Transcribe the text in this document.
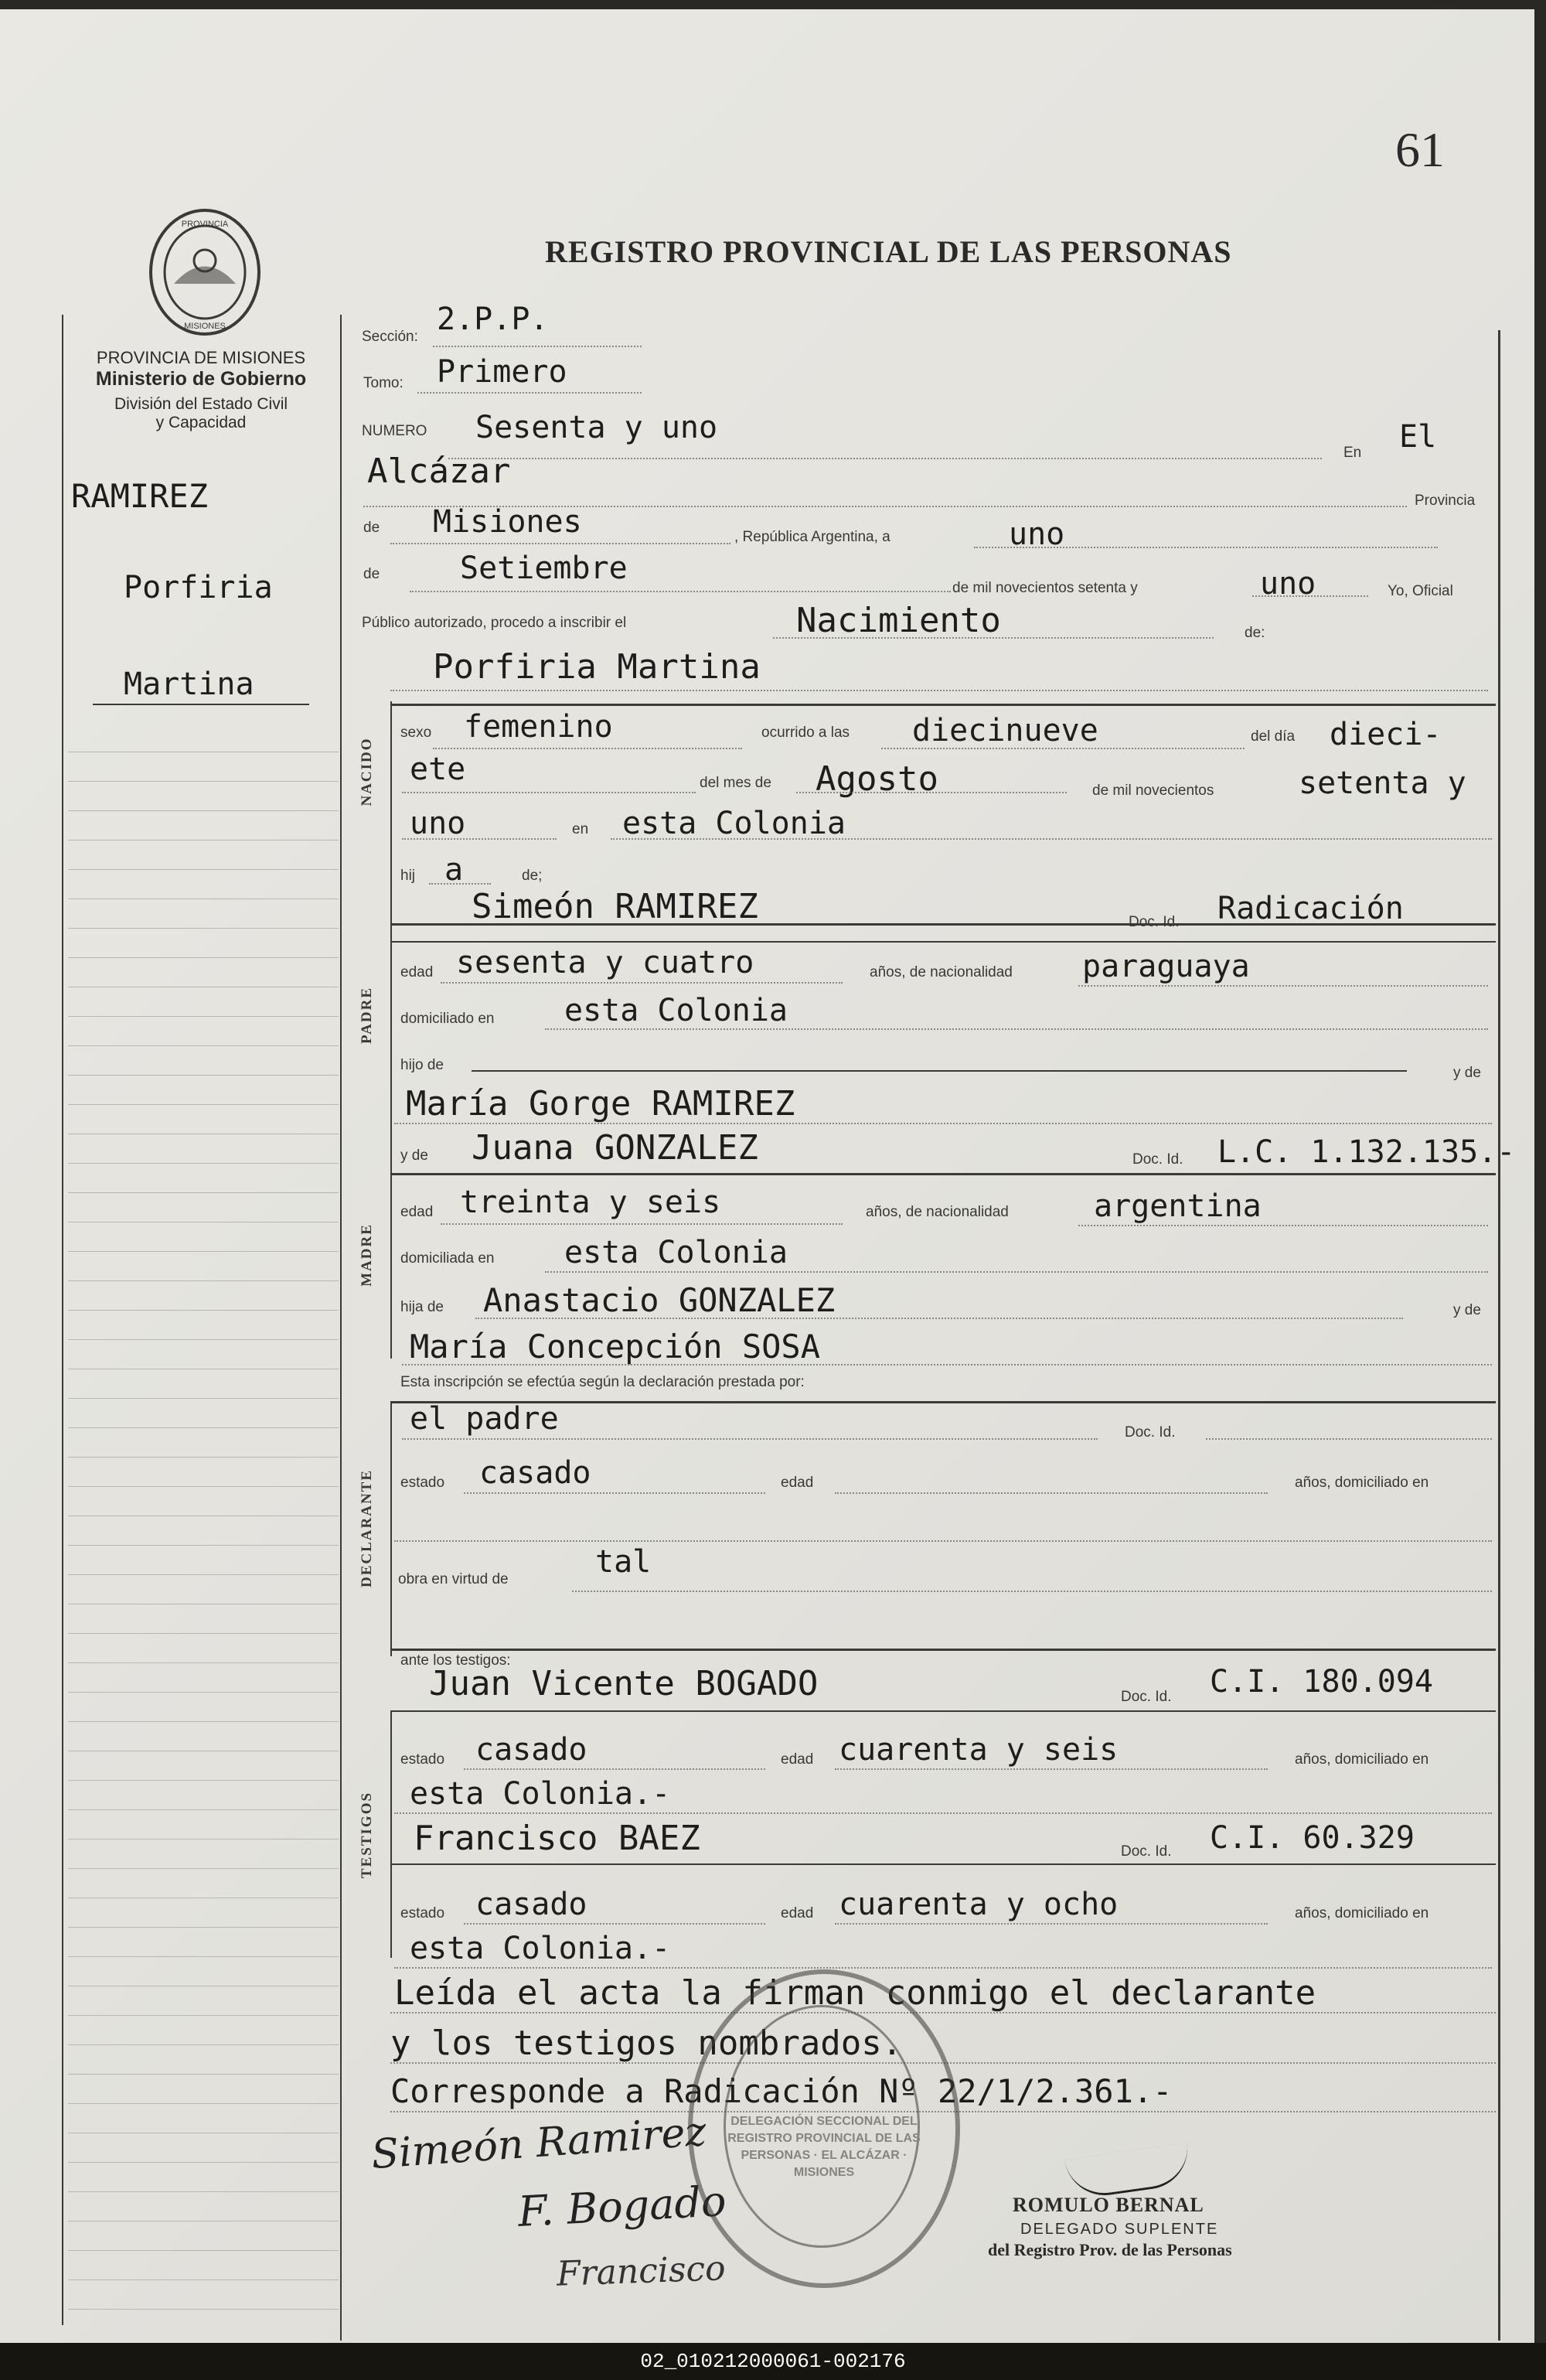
61
REGISTRO PROVINCIAL DE LAS PERSONAS
PROVINCIA
MISIONES
PROVINCIA DE MISIONES
Ministerio de Gobierno
División del Estado Civil
y Capacidad
RAMIREZ
Porfiria
Martina
Sección: 2.P.P.
Tomo: Primero
NUMERO Sesenta y uno
En El
Alcázar
Provincia
de Misiones	, República Argentina, a	uno
de	Setiembre
de mil novecientos setenta y	uno	Yo, Oficial
Público autorizado, procedo a inscribir el	Nacimiento	de:
Porfiria Martina
NACIDO
sexo femenino	ocurrido a las diecinueve	del día dieci-
ete	del mes de Agosto	de mil novecientos	setenta y
uno	en esta Colonia
hij a	de;
PADRE
Simeón RAMIREZ	Doc. Id. Radicación
edad sesenta y cuatro	años, de nacionalidad paraguaya
domiciliado en esta Colonia
hijo de	y de
María Gorge RAMIREZ
MADRE
y de Juana GONZALEZ	Doc. Id. L.C. 1.132.135.-
edad treinta y seis	años, de nacionalidad	argentina
domiciliada en esta Colonia
hija de Anastacio GONZALEZ	y de
María Concepción SOSA
Esta inscripción se efectúa según la declaración prestada por:
DECLARANTE
el padre	Doc. Id.
estado casado	edad	años, domiciliado en
obra en virtud de	tal
ante los testigos:
TESTIGOS
Juan Vicente BOGADO	Doc. Id. C.I. 180.094
estado casado	edad cuarenta y seis	años, domiciliado en
esta Colonia.-
Francisco BAEZ	Doc. Id. C.I. 60.329
estado casado	edad cuarenta y ocho	años, domiciliado en
esta Colonia.-
Leída el acta la firman conmigo el declarante
y los testigos nombrados.
Corresponde a Radicación Nº 22/1/2.361.-
Simeón Ramirez
F. Bogado
Francisco
DELEGACIÓN SECCIONAL DEL REGISTRO PROVINCIAL DE LAS PERSONAS · EL ALCÁZAR · MISIONES
ROMULO BERNAL
DELEGADO SUPLENTE
del Registro Prov. de las Personas
02_010212000061-002176
